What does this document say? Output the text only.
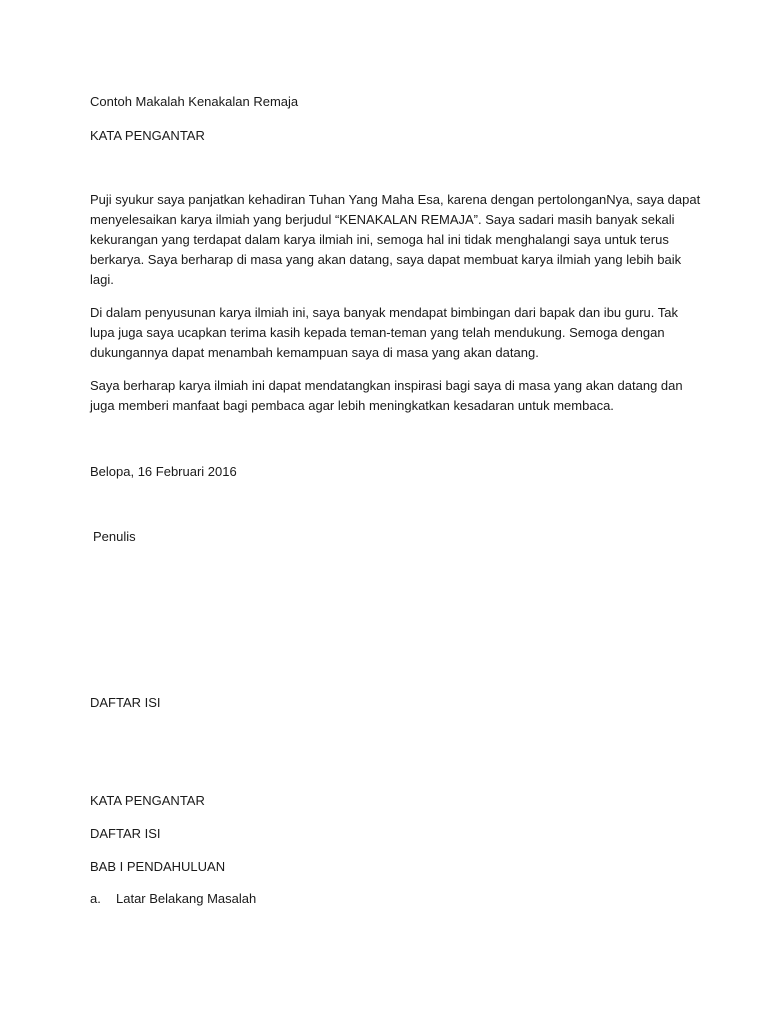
Contoh Makalah Kenakalan Remaja

KATA PENGANTAR

Puji syukur saya panjatkan kehadiran Tuhan Yang Maha Esa, karena dengan pertolonganNya, saya dapat
menyelesaikan karya ilmiah yang berjudul “KENAKALAN REMAJA”. Saya sadari masih banyak sekali
kekurangan yang terdapat dalam karya ilmiah ini, semoga hal ini tidak menghalangi saya untuk terus
berkarya. Saya berharap di masa yang akan datang, saya dapat membuat karya ilmiah yang lebih baik
lagi.
Di dalam penyusunan karya ilmiah ini, saya banyak mendapat bimbingan dari bapak dan ibu guru. Tak
lupa juga saya ucapkan terima kasih kepada teman-teman yang telah mendukung. Semoga dengan
dukungannya dapat menambah kemampuan saya di masa yang akan datang.
Saya berharap karya ilmiah ini dapat mendatangkan inspirasi bagi saya di masa yang akan datang dan
juga memberi manfaat bagi pembaca agar lebih meningkatkan kesadaran untuk membaca.

Belopa, 16 Februari 2016

Penulis

DAFTAR ISI

KATA PENGANTAR

DAFTAR ISI

BAB I PENDAHULUAN

a. Latar Belakang Masalah
